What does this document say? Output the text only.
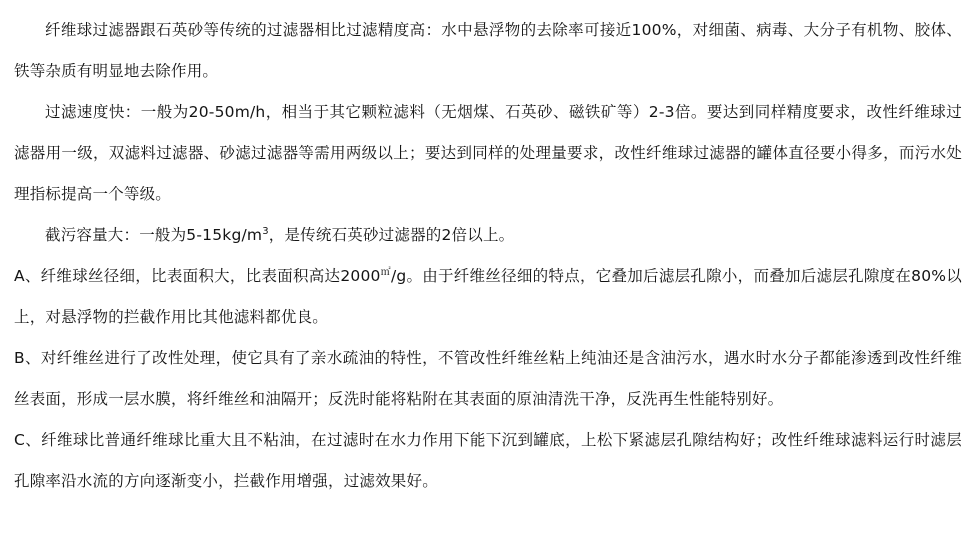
纤维球过滤器跟石英砂等传统的过滤器相比过滤精度高：水中悬浮物的去除率可接近100%，对细菌、病毒、大分子有机物、胶体、铁等杂质有明显地去除作用。

过滤速度快：一般为20-50m/h，相当于其它颗粒滤料（无烟煤、石英砂、磁铁矿等）2-3倍。要达到同样精度要求，改性纤维球过滤器用一级，双滤料过滤器、砂滤过滤器等需用两级以上；要达到同样的处理量要求，改性纤维球过滤器的罐体直径要小得多，而污水处理指标提高一个等级。

截污容量大：一般为$5-15kg/m^3$，是传统石英砂过滤器的2倍以上。

A、纤维球丝径细，比表面积大，比表面积高达2000㎡/g。由于纤维丝径细的特点，它叠加后滤层孔隙小，而叠加后滤层孔隙度在80%以上，对悬浮物的拦截作用比其他滤料都优良。

B、对纤维丝进行了改性处理，使它具有了亲水疏油的特性，不管改性纤维丝粘上纯油还是含油污水，遇水时水分子都能渗透到改性纤维丝表面，形成一层水膜，将纤维丝和油隔开；反洗时能将粘附在其表面的原油清洗干净，反洗再生性能特别好。

C、纤维球比普通纤维球比重大且不粘油，在过滤时在水力作用下能下沉到罐底，上松下紧滤层孔隙结构好；改性纤维球滤料运行时滤层孔隙率沿水流的方向逐渐变小，拦截作用增强，过滤效果好。
